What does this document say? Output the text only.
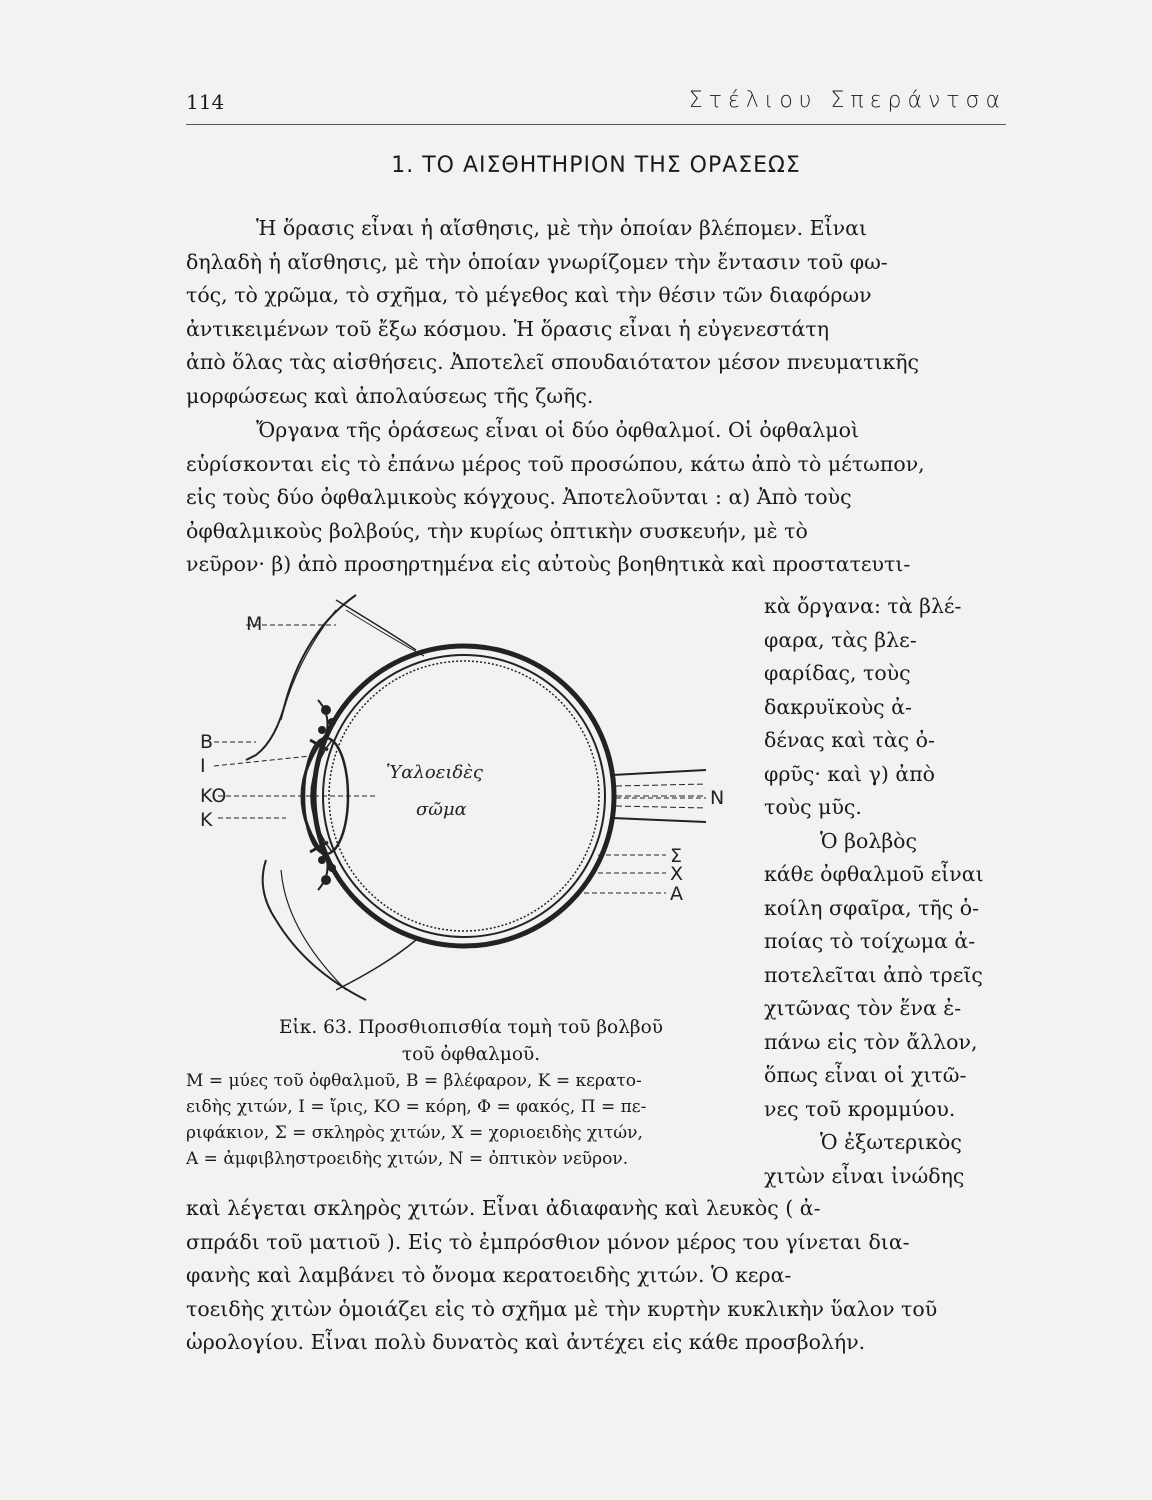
114	Στέλιου Σπεράντσα
1. ΤΟ ΑΙΣΘΗΤΗΡΙΟΝ ΤΗΣ ΟΡΑΣΕΩΣ
Ἡ ὅρασις εἶναι ἡ αἴσθησις, μὲ τὴν ὁποίαν βλέπομεν. Εἶναι
δηλαδὴ ἡ αἴσθησις, μὲ τὴν ὁποίαν γνωρίζομεν τὴν ἔντασιν τοῦ φω-
τός, τὸ χρῶμα, τὸ σχῆμα, τὸ μέγεθος καὶ τὴν θέσιν τῶν διαφόρων
ἀντικειμένων τοῦ ἔξω κόσμου. Ἡ ὅρασις εἶναι ἡ εὐγενεστάτη
ἀπὸ ὅλας τὰς αἰσθήσεις. Ἀποτελεῖ σπουδαιότατον μέσον πνευματικῆς
μορφώσεως καὶ ἀπολαύσεως τῆς ζωῆς.
Ὄργανα τῆς ὁράσεως εἶναι οἱ δύο ὀφθαλμοί. Οἱ ὀφθαλμοὶ
εὑρίσκονται εἰς τὸ ἐπάνω μέρος τοῦ προσώπου, κάτω ἀπὸ τὸ μέτωπον,
εἰς τοὺς δύο ὀφθαλμικοὺς κόγχους. Ἀποτελοῦνται : α) Ἀπὸ τοὺς
ὀφθαλμικοὺς βολβούς, τὴν κυρίως ὀπτικὴν συσκευήν, μὲ τὸ
νεῦρον· β) ἀπὸ προσηρτημένα εἰς αὐτοὺς βοηθητικὰ καὶ προστατευτι-
M
B
I
KO
K
N
Σ
X
A
Ὑαλοειδὲς
σῶμα
Εἰκ. 63. Προσθιοπισθία τομὴ τοῦ βολβοῦ
τοῦ ὀφθαλμοῦ.
Μ = μύες τοῦ ὀφθαλμοῦ, Β = βλέφαρον, Κ = κερατο-
ειδὴς χιτών, Ι = ἴρις, ΚΟ = κόρη, Φ = φακός, Π = πε-
ριφάκιον, Σ = σκληρὸς χιτών, Χ = χοριοειδὴς χιτών,
Α = ἀμφιβληστροειδὴς χιτών, Ν = ὀπτικὸν νεῦρον.
κὰ ὄργανα: τὰ βλέ-
φαρα, τὰς βλε-
φαρίδας, τοὺς
δακρυϊκοὺς ἀ-
δένας καὶ τὰς ὀ-
φρῦς· καὶ γ) ἀπὸ
τοὺς μῦς.
Ὁ βολβὸς
κάθε ὀφθαλμοῦ εἶναι
κοίλη σφαῖρα, τῆς ὁ-
ποίας τὸ τοίχωμα ἀ-
ποτελεῖται ἀπὸ τρεῖς
χιτῶνας τὸν ἕνα ἐ-
πάνω εἰς τὸν ἄλλον,
ὅπως εἶναι οἱ χιτῶ-
νες τοῦ κρομμύου.
Ὁ ἐξωτερικὸς
χιτὼν εἶναι ἰνώδης
καὶ λέγεται σκληρὸς χιτών. Εἶναι ἀδιαφανὴς καὶ λευκὸς ( ἀ-
σπράδι τοῦ ματιοῦ ). Εἰς τὸ ἐμπρόσθιον μόνον μέρος του γίνεται δια-
φανὴς καὶ λαμβάνει τὸ ὄνομα κερατοειδὴς χιτών. Ὁ κερα-
τοειδὴς χιτὼν ὁμοιάζει εἰς τὸ σχῆμα μὲ τὴν κυρτὴν κυκλικὴν ὕαλον τοῦ
ὡρολογίου. Εἶναι πολὺ δυνατὸς καὶ ἀντέχει εἰς κάθε προσβολήν.
